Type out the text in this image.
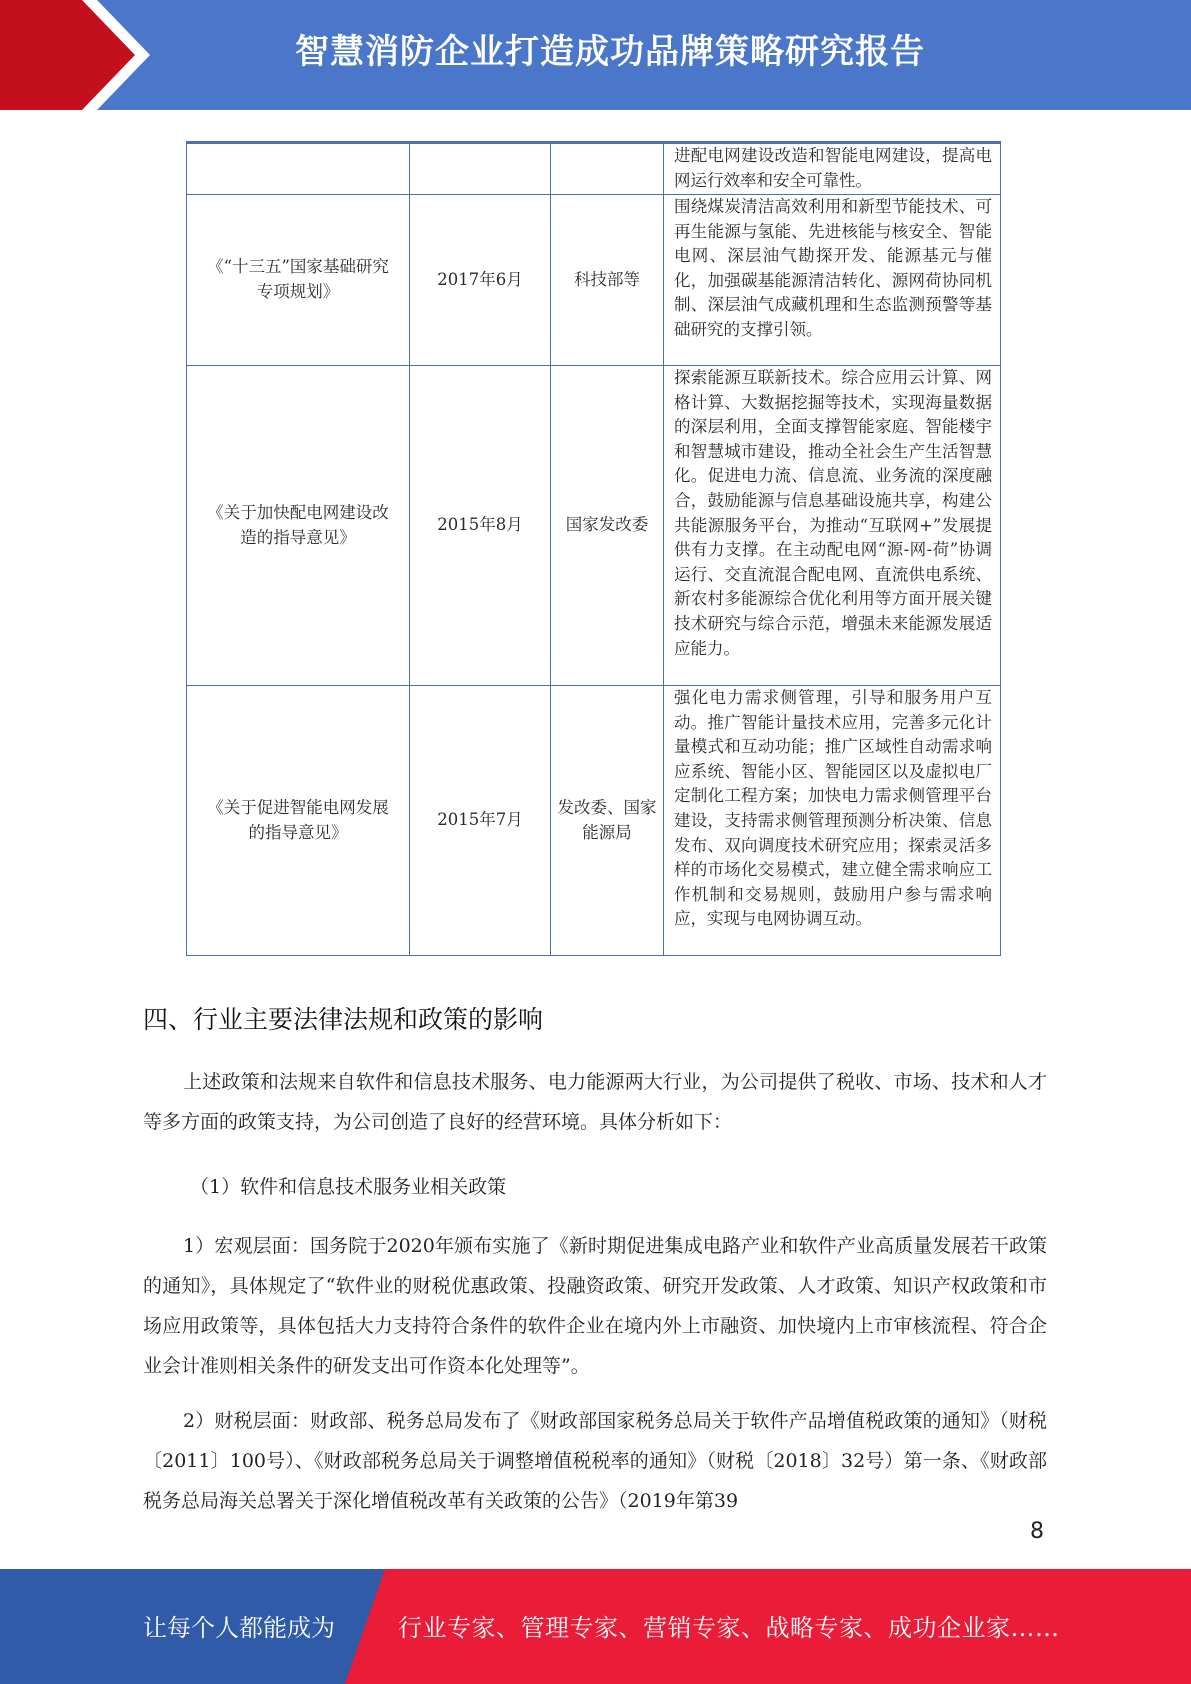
智慧消防企业打造成功品牌策略研究报告
			进配电网建设改造和智能电网建设，提高电网运行效率和安全可靠性。
《“十三五”国家基础研究专项规划》	2017年6月	科技部等	围绕煤炭清洁高效利用和新型节能技术、可再生能源与氢能、先进核能与核安全、智能电网、深层油气勘探开发、能源基元与催化，加强碳基能源清洁转化、源网荷协同机制、深层油气成藏机理和生态监测预警等基础研究的支撑引领。
《关于加快配电网建设改造的指导意见》	2015年8月	国家发改委	探索能源互联新技术。综合应用云计算、网格计算、大数据挖掘等技术，实现海量数据的深层利用，全面支撑智能家庭、智能楼宇和智慧城市建设，推动全社会生产生活智慧化。促进电力流、信息流、业务流的深度融合，鼓励能源与信息基础设施共享，构建公共能源服务平台，为推动“互联网+”发展提供有力支撑。在主动配电网“源-网-荷”协调运行、交直流混合配电网、直流供电系统、新农村多能源综合优化利用等方面开展关键技术研究与综合示范，增强未来能源发展适应能力。
《关于促进智能电网发展的指导意见》	2015年7月	发改委、国家能源局	强化电力需求侧管理，引导和服务用户互动。推广智能计量技术应用，完善多元化计量模式和互动功能；推广区域性自动需求响应系统、智能小区、智能园区以及虚拟电厂定制化工程方案；加快电力需求侧管理平台建设，支持需求侧管理预测分析决策、信息发布、双向调度技术研究应用；探索灵活多样的市场化交易模式，建立健全需求响应工作机制和交易规则，鼓励用户参与需求响应，实现与电网协调互动。
四、行业主要法律法规和政策的影响
上述政策和法规来自软件和信息技术服务、电力能源两大行业，为公司提供了税收、市场、技术和人才等多方面的政策支持，为公司创造了良好的经营环境。具体分析如下：
（1）软件和信息技术服务业相关政策
1）宏观层面：国务院于2020年颁布实施了《新时期促进集成电路产业和软件产业高质量发展若干政策的通知》，具体规定了“软件业的财税优惠政策、投融资政策、研究开发政策、人才政策、知识产权政策和市场应用政策等，具体包括大力支持符合条件的软件企业在境内外上市融资、加快境内上市审核流程、符合企业会计准则相关条件的研发支出可作资本化处理等”。
2）财税层面：财政部、税务总局发布了《财政部国家税务总局关于软件产品增值税政策的通知》（财税〔2011〕100号）、《财政部税务总局关于调整增值税税率的通知》（财税〔2018〕32号）第一条、《财政部税务总局海关总署关于深化增值税改革有关政策的公告》（2019年第39
8
让每个人都能成为	行业专家、管理专家、营销专家、战略专家、成功企业家……
